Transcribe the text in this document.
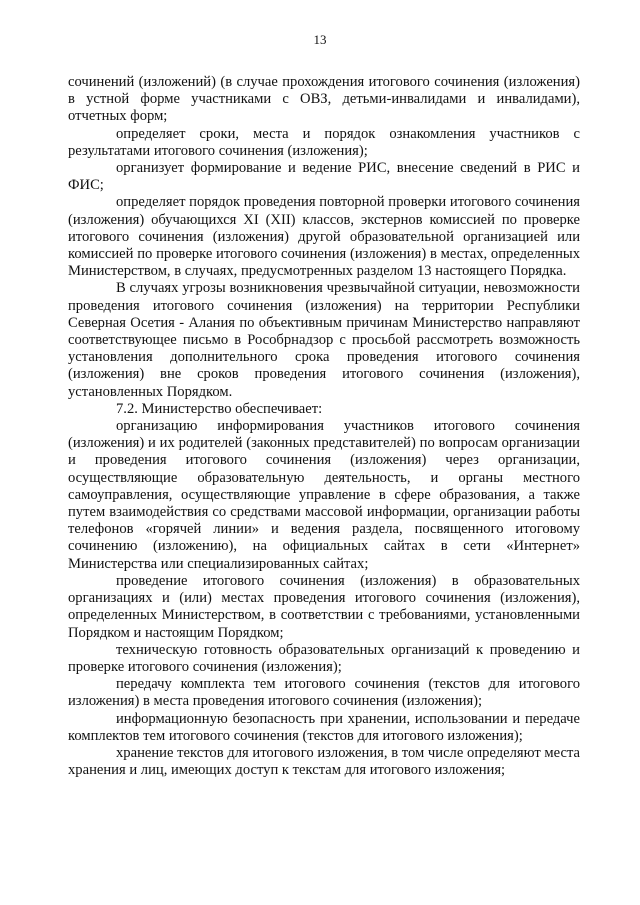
13

сочинений (изложений) (в случае прохождения итогового сочинения (изложения) в устной форме участниками с ОВЗ, детьми-инвалидами и инвалидами), отчетных форм;

определяет сроки, места и порядок ознакомления участников с результатами итогового сочинения (изложения);

организует формирование и ведение РИС, внесение сведений в РИС и ФИС;

определяет порядок проведения повторной проверки итогового сочинения (изложения) обучающихся XI (XII) классов, экстернов комиссией по проверке итогового сочинения (изложения) другой образовательной организацией или комиссией по проверке итогового сочинения (изложения) в местах, определенных Министерством, в случаях, предусмотренных разделом 13 настоящего Порядка.

В случаях угрозы возникновения чрезвычайной ситуации, невозможности проведения итогового сочинения (изложения) на территории Республики Северная Осетия - Алания по объективным причинам Министерство направляют соответствующее письмо в Рособрнадзор с просьбой рассмотреть возможность установления дополнительного срока проведения итогового сочинения (изложения) вне сроков проведения итогового сочинения (изложения), установленных Порядком.

7.2. Министерство обеспечивает:

организацию информирования участников итогового сочинения (изложения) и их родителей (законных представителей) по вопросам организации и проведения итогового сочинения (изложения) через организации, осуществляющие образовательную деятельность, и органы местного самоуправления, осуществляющие управление в сфере образования, а также путем взаимодействия со средствами массовой информации, организации работы телефонов «горячей линии» и ведения раздела, посвященного итоговому сочинению (изложению), на официальных сайтах в сети «Интернет» Министерства или специализированных сайтах;

проведение итогового сочинения (изложения) в образовательных организациях и (или) местах проведения итогового сочинения (изложения), определенных Министерством, в соответствии с требованиями, установленными Порядком и настоящим Порядком;

техническую готовность образовательных организаций к проведению и проверке итогового сочинения (изложения);

передачу комплекта тем итогового сочинения (текстов для итогового изложения) в места проведения итогового сочинения (изложения);

информационную безопасность при хранении, использовании и передаче комплектов тем итогового сочинения (текстов для итогового изложения);

хранение текстов для итогового изложения, в том числе определяют места хранения и лиц, имеющих доступ к текстам для итогового изложения;
